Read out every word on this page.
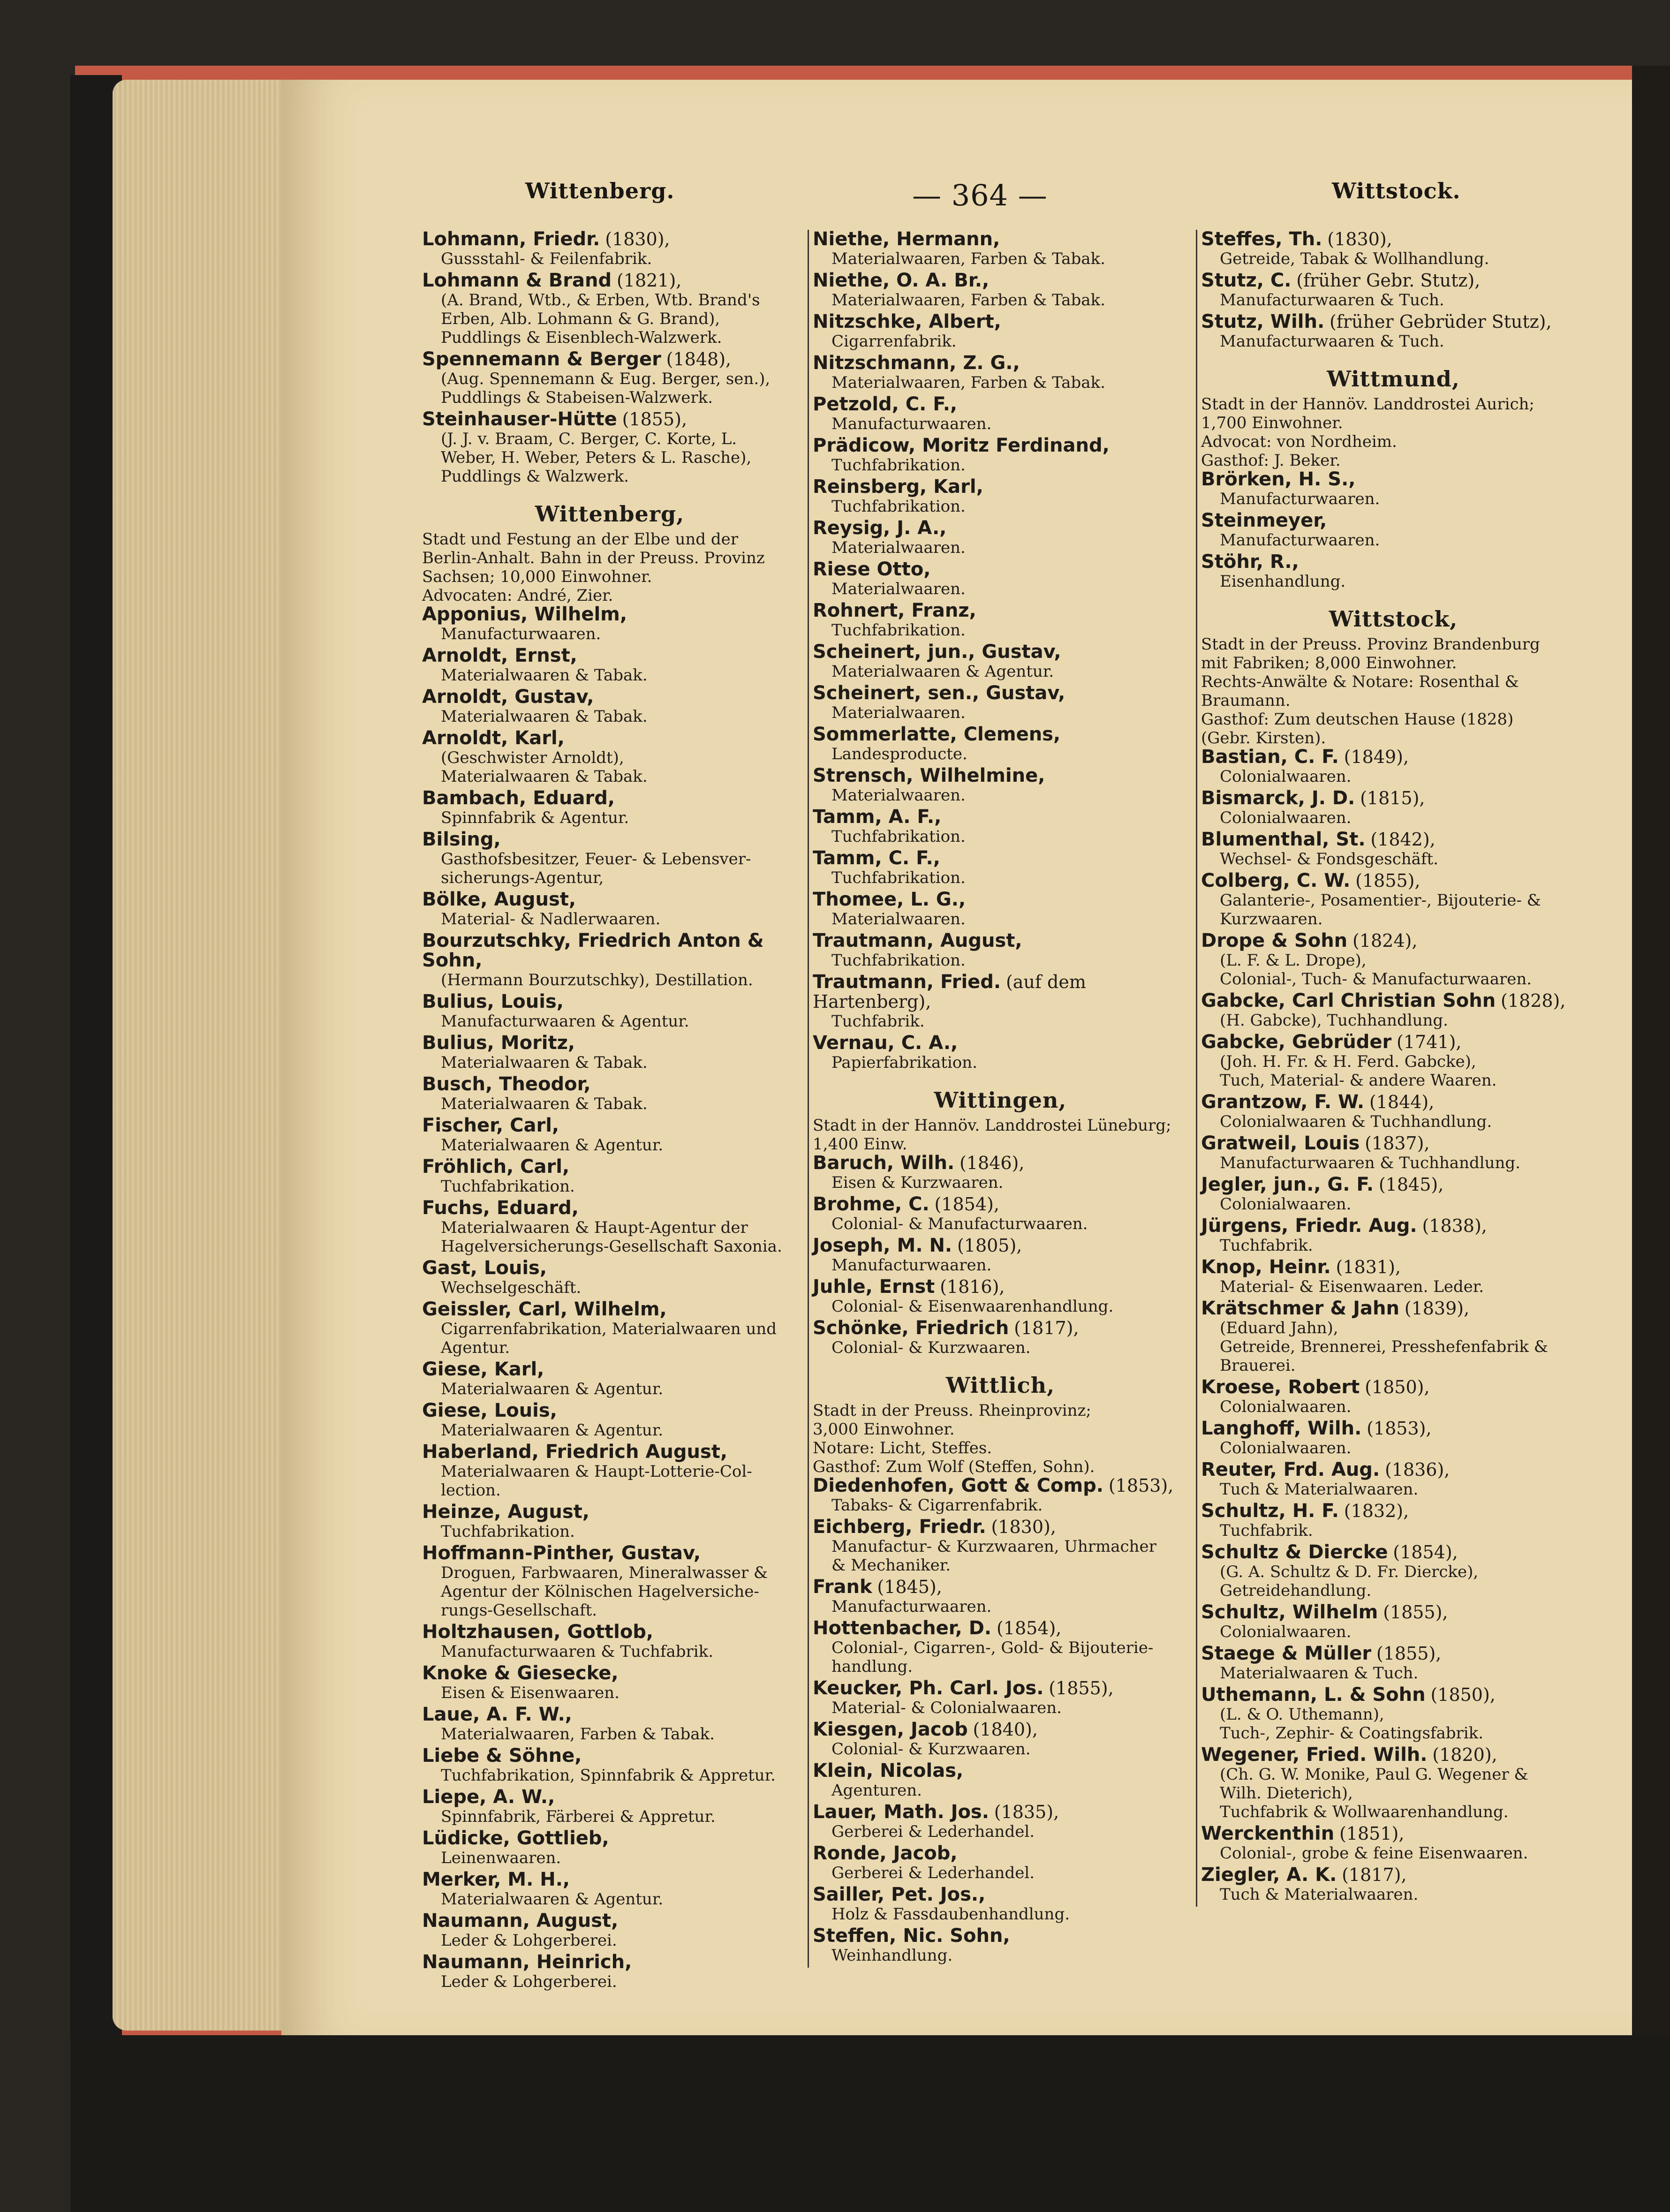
Wittenberg.	— 364 —	Wittstock.
Lohmann, Friedr. (1830),
Gussstahl- & Feilenfabrik.
Lohmann & Brand (1821),
(A. Brand, Wtb., & Erben, Wtb. Brand's
Erben, Alb. Lohmann & G. Brand),
Puddlings & Eisenblech-Walzwerk.
Spennemann & Berger (1848),
(Aug. Spennemann & Eug. Berger, sen.),
Puddlings & Stabeisen-Walzwerk.
Steinhauser-Hütte (1855),
(J. J. v. Braam, C. Berger, C. Korte, L.
Weber, H. Weber, Peters & L. Rasche),
Puddlings & Walzwerk.
Wittenberg,
Stadt und Festung an der Elbe und der
Berlin-Anhalt. Bahn in der Preuss. Provinz
Sachsen; 10,000 Einwohner.
Advocaten: André, Zier.
Apponius, Wilhelm,
Manufacturwaaren.
Arnoldt, Ernst,
Materialwaaren & Tabak.
Arnoldt, Gustav,
Materialwaaren & Tabak.
Arnoldt, Karl,
(Geschwister Arnoldt),
Materialwaaren & Tabak.
Bambach, Eduard,
Spinnfabrik & Agentur.
Bilsing,
Gasthofsbesitzer, Feuer- & Lebensver-
sicherungs-Agentur,
Bölke, August,
Material- & Nadlerwaaren.
Bourzutschky, Friedrich Anton & Sohn,
(Hermann Bourzutschky), Destillation.
Bulius, Louis,
Manufacturwaaren & Agentur.
Bulius, Moritz,
Materialwaaren & Tabak.
Busch, Theodor,
Materialwaaren & Tabak.
Fischer, Carl,
Materialwaaren & Agentur.
Fröhlich, Carl,
Tuchfabrikation.
Fuchs, Eduard,
Materialwaaren & Haupt-Agentur der
Hagelversicherungs-Gesellschaft Saxonia.
Gast, Louis,
Wechselgeschäft.
Geissler, Carl, Wilhelm,
Cigarrenfabrikation, Materialwaaren und
Agentur.
Giese, Karl,
Materialwaaren & Agentur.
Giese, Louis,
Materialwaaren & Agentur.
Haberland, Friedrich August,
Materialwaaren & Haupt-Lotterie-Col-
lection.
Heinze, August,
Tuchfabrikation.
Hoffmann-Pinther, Gustav,
Droguen, Farbwaaren, Mineralwasser &
Agentur der Kölnischen Hagelversiche-
rungs-Gesellschaft.
Holtzhausen, Gottlob,
Manufacturwaaren & Tuchfabrik.
Knoke & Giesecke,
Eisen & Eisenwaaren.
Laue, A. F. W.,
Materialwaaren, Farben & Tabak.
Liebe & Söhne,
Tuchfabrikation, Spinnfabrik & Appretur.
Liepe, A. W.,
Spinnfabrik, Färberei & Appretur.
Lüdicke, Gottlieb,
Leinenwaaren.
Merker, M. H.,
Materialwaaren & Agentur.
Naumann, August,
Leder & Lohgerberei.
Naumann, Heinrich,
Leder & Lohgerberei.
Niethe, Hermann,
Materialwaaren, Farben & Tabak.
Niethe, O. A. Br.,
Materialwaaren, Farben & Tabak.
Nitzschke, Albert,
Cigarrenfabrik.
Nitzschmann, Z. G.,
Materialwaaren, Farben & Tabak.
Petzold, C. F.,
Manufacturwaaren.
Prädicow, Moritz Ferdinand,
Tuchfabrikation.
Reinsberg, Karl,
Tuchfabrikation.
Reysig, J. A.,
Materialwaaren.
Riese Otto,
Materialwaaren.
Rohnert, Franz,
Tuchfabrikation.
Scheinert, jun., Gustav,
Materialwaaren & Agentur.
Scheinert, sen., Gustav,
Materialwaaren.
Sommerlatte, Clemens,
Landesproducte.
Strensch, Wilhelmine,
Materialwaaren.
Tamm, A. F.,
Tuchfabrikation.
Tamm, C. F.,
Tuchfabrikation.
Thomee, L. G.,
Materialwaaren.
Trautmann, August,
Tuchfabrikation.
Trautmann, Fried. (auf dem Hartenberg),
Tuchfabrik.
Vernau, C. A.,
Papierfabrikation.
Wittingen,
Stadt in der Hannöv. Landdrostei Lüneburg;
1,400 Einw.
Baruch, Wilh. (1846),
Eisen & Kurzwaaren.
Brohme, C. (1854),
Colonial- & Manufacturwaaren.
Joseph, M. N. (1805),
Manufacturwaaren.
Juhle, Ernst (1816),
Colonial- & Eisenwaarenhandlung.
Schönke, Friedrich (1817),
Colonial- & Kurzwaaren.
Wittlich,
Stadt in der Preuss. Rheinprovinz;
3,000 Einwohner.
Notare: Licht, Steffes.
Gasthof: Zum Wolf (Steffen, Sohn).
Diedenhofen, Gott & Comp. (1853),
Tabaks- & Cigarrenfabrik.
Eichberg, Friedr. (1830),
Manufactur- & Kurzwaaren, Uhrmacher
& Mechaniker.
Frank (1845),
Manufacturwaaren.
Hottenbacher, D. (1854),
Colonial-, Cigarren-, Gold- & Bijouterie-
handlung.
Keucker, Ph. Carl. Jos. (1855),
Material- & Colonialwaaren.
Kiesgen, Jacob (1840),
Colonial- & Kurzwaaren.
Klein, Nicolas,
Agenturen.
Lauer, Math. Jos. (1835),
Gerberei & Lederhandel.
Ronde, Jacob,
Gerberei & Lederhandel.
Sailler, Pet. Jos.,
Holz & Fassdaubenhandlung.
Steffen, Nic. Sohn,
Weinhandlung.
Steffes, Th. (1830),
Getreide, Tabak & Wollhandlung.
Stutz, C. (früher Gebr. Stutz),
Manufacturwaaren & Tuch.
Stutz, Wilh. (früher Gebrüder Stutz),
Manufacturwaaren & Tuch.
Wittmund,
Stadt in der Hannöv. Landdrostei Aurich;
1,700 Einwohner.
Advocat: von Nordheim.
Gasthof: J. Beker.
Brörken, H. S.,
Manufacturwaaren.
Steinmeyer,
Manufacturwaaren.
Stöhr, R.,
Eisenhandlung.
Wittstock,
Stadt in der Preuss. Provinz Brandenburg
mit Fabriken; 8,000 Einwohner.
Rechts-Anwälte & Notare: Rosenthal &
Braumann.
Gasthof: Zum deutschen Hause (1828)
(Gebr. Kirsten).
Bastian, C. F. (1849),
Colonialwaaren.
Bismarck, J. D. (1815),
Colonialwaaren.
Blumenthal, St. (1842),
Wechsel- & Fondsgeschäft.
Colberg, C. W. (1855),
Galanterie-, Posamentier-, Bijouterie- &
Kurzwaaren.
Drope & Sohn (1824),
(L. F. & L. Drope),
Colonial-, Tuch- & Manufacturwaaren.
Gabcke, Carl Christian Sohn (1828),
(H. Gabcke), Tuchhandlung.
Gabcke, Gebrüder (1741),
(Joh. H. Fr. & H. Ferd. Gabcke),
Tuch, Material- & andere Waaren.
Grantzow, F. W. (1844),
Colonialwaaren & Tuchhandlung.
Gratweil, Louis (1837),
Manufacturwaaren & Tuchhandlung.
Jegler, jun., G. F. (1845),
Colonialwaaren.
Jürgens, Friedr. Aug. (1838),
Tuchfabrik.
Knop, Heinr. (1831),
Material- & Eisenwaaren. Leder.
Krätschmer & Jahn (1839),
(Eduard Jahn),
Getreide, Brennerei, Presshefenfabrik &
Brauerei.
Kroese, Robert (1850),
Colonialwaaren.
Langhoff, Wilh. (1853),
Colonialwaaren.
Reuter, Frd. Aug. (1836),
Tuch & Materialwaaren.
Schultz, H. F. (1832),
Tuchfabrik.
Schultz & Diercke (1854),
(G. A. Schultz & D. Fr. Diercke),
Getreidehandlung.
Schultz, Wilhelm (1855),
Colonialwaaren.
Staege & Müller (1855),
Materialwaaren & Tuch.
Uthemann, L. & Sohn (1850),
(L. & O. Uthemann),
Tuch-, Zephir- & Coatingsfabrik.
Wegener, Fried. Wilh. (1820),
(Ch. G. W. Monike, Paul G. Wegener &
Wilh. Dieterich),
Tuchfabrik & Wollwaarenhandlung.
Werckenthin (1851),
Colonial-, grobe & feine Eisenwaaren.
Ziegler, A. K. (1817),
Tuch & Materialwaaren.
